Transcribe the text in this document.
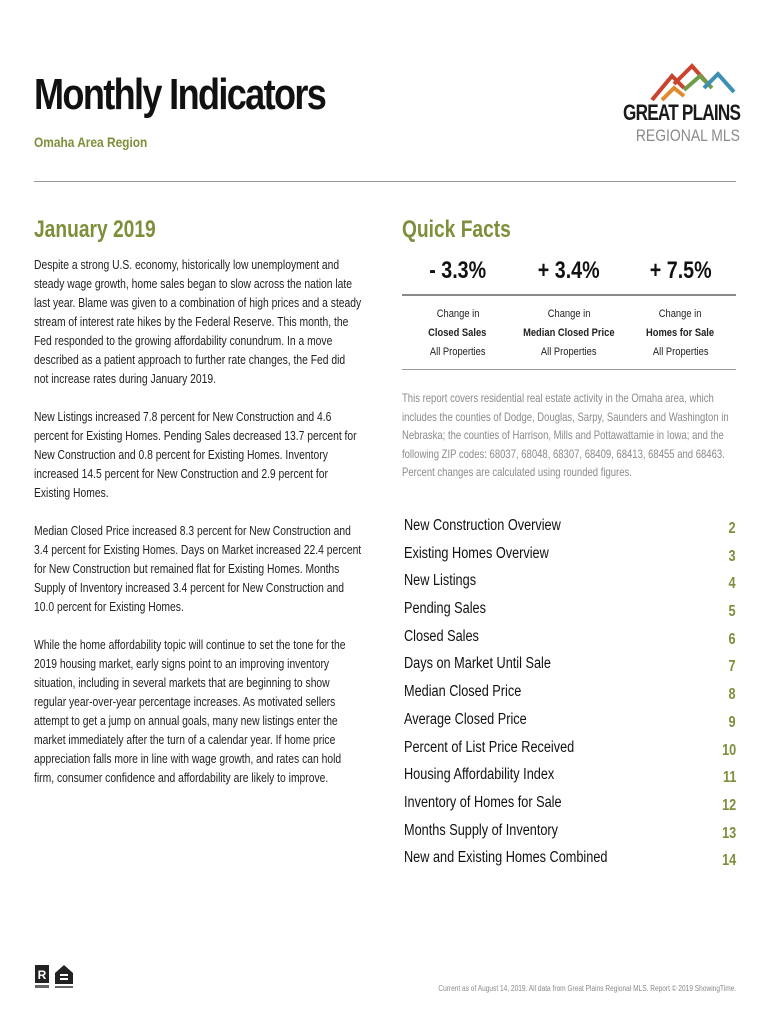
Monthly Indicators
Omaha Area Region
GREAT PLAINS
REGIONAL MLS
January 2019	Quick Facts

Despite a strong U.S. economy, historically low unemployment and steady wage growth, home sales began to slow across the nation late last year. Blame was given to a combination of high prices and a steady stream of interest rate hikes by the Federal Reserve. This month, the Fed responded to the growing affordability conundrum. In a move described as a patient approach to further rate changes, the Fed did not increase rates during January 2019.

New Listings increased 7.8 percent for New Construction and 4.6 percent for Existing Homes. Pending Sales decreased 13.7 percent for New Construction and 0.8 percent for Existing Homes. Inventory increased 14.5 percent for New Construction and 2.9 percent for Existing Homes.

Median Closed Price increased 8.3 percent for New Construction and 3.4 percent for Existing Homes. Days on Market increased 22.4 percent for New Construction but remained flat for Existing Homes. Months Supply of Inventory increased 3.4 percent for New Construction and 10.0 percent for Existing Homes.

While the home affordability topic will continue to set the tone for the 2019 housing market, early signs point to an improving inventory situation, including in several markets that are beginning to show regular year-over-year percentage increases. As motivated sellers attempt to get a jump on annual goals, many new listings enter the market immediately after the turn of a calendar year. If home price appreciation falls more in line with wage growth, and rates can hold firm, consumer confidence and affordability are likely to improve.

- 3.3%	+ 3.4%	+ 7.5%
Change in
Closed Sales
All Properties
Change in
Median Closed Price
All Properties
Change in
Homes for Sale
All Properties
This report covers residential real estate activity in the Omaha area, which includes the counties of Dodge, Douglas, Sarpy, Saunders and Washington in Nebraska; the counties of Harrison, Mills and Pottawattamie in Iowa; and the following ZIP codes: 68037, 68048, 68307, 68409, 68413, 68455 and 68463. Percent changes are calculated using rounded figures.
New Construction Overview	2
Existing Homes Overview	3
New Listings	4
Pending Sales	5
Closed Sales	6
Days on Market Until Sale	7
Median Closed Price	8
Average Closed Price	9
Percent of List Price Received	10
Housing Affordability Index	11
Inventory of Homes for Sale	12
Months Supply of Inventory	13
New and Existing Homes Combined	14
R

Current as of August 14, 2019. All data from Great Plains Regional MLS. Report © 2019 ShowingTime.
